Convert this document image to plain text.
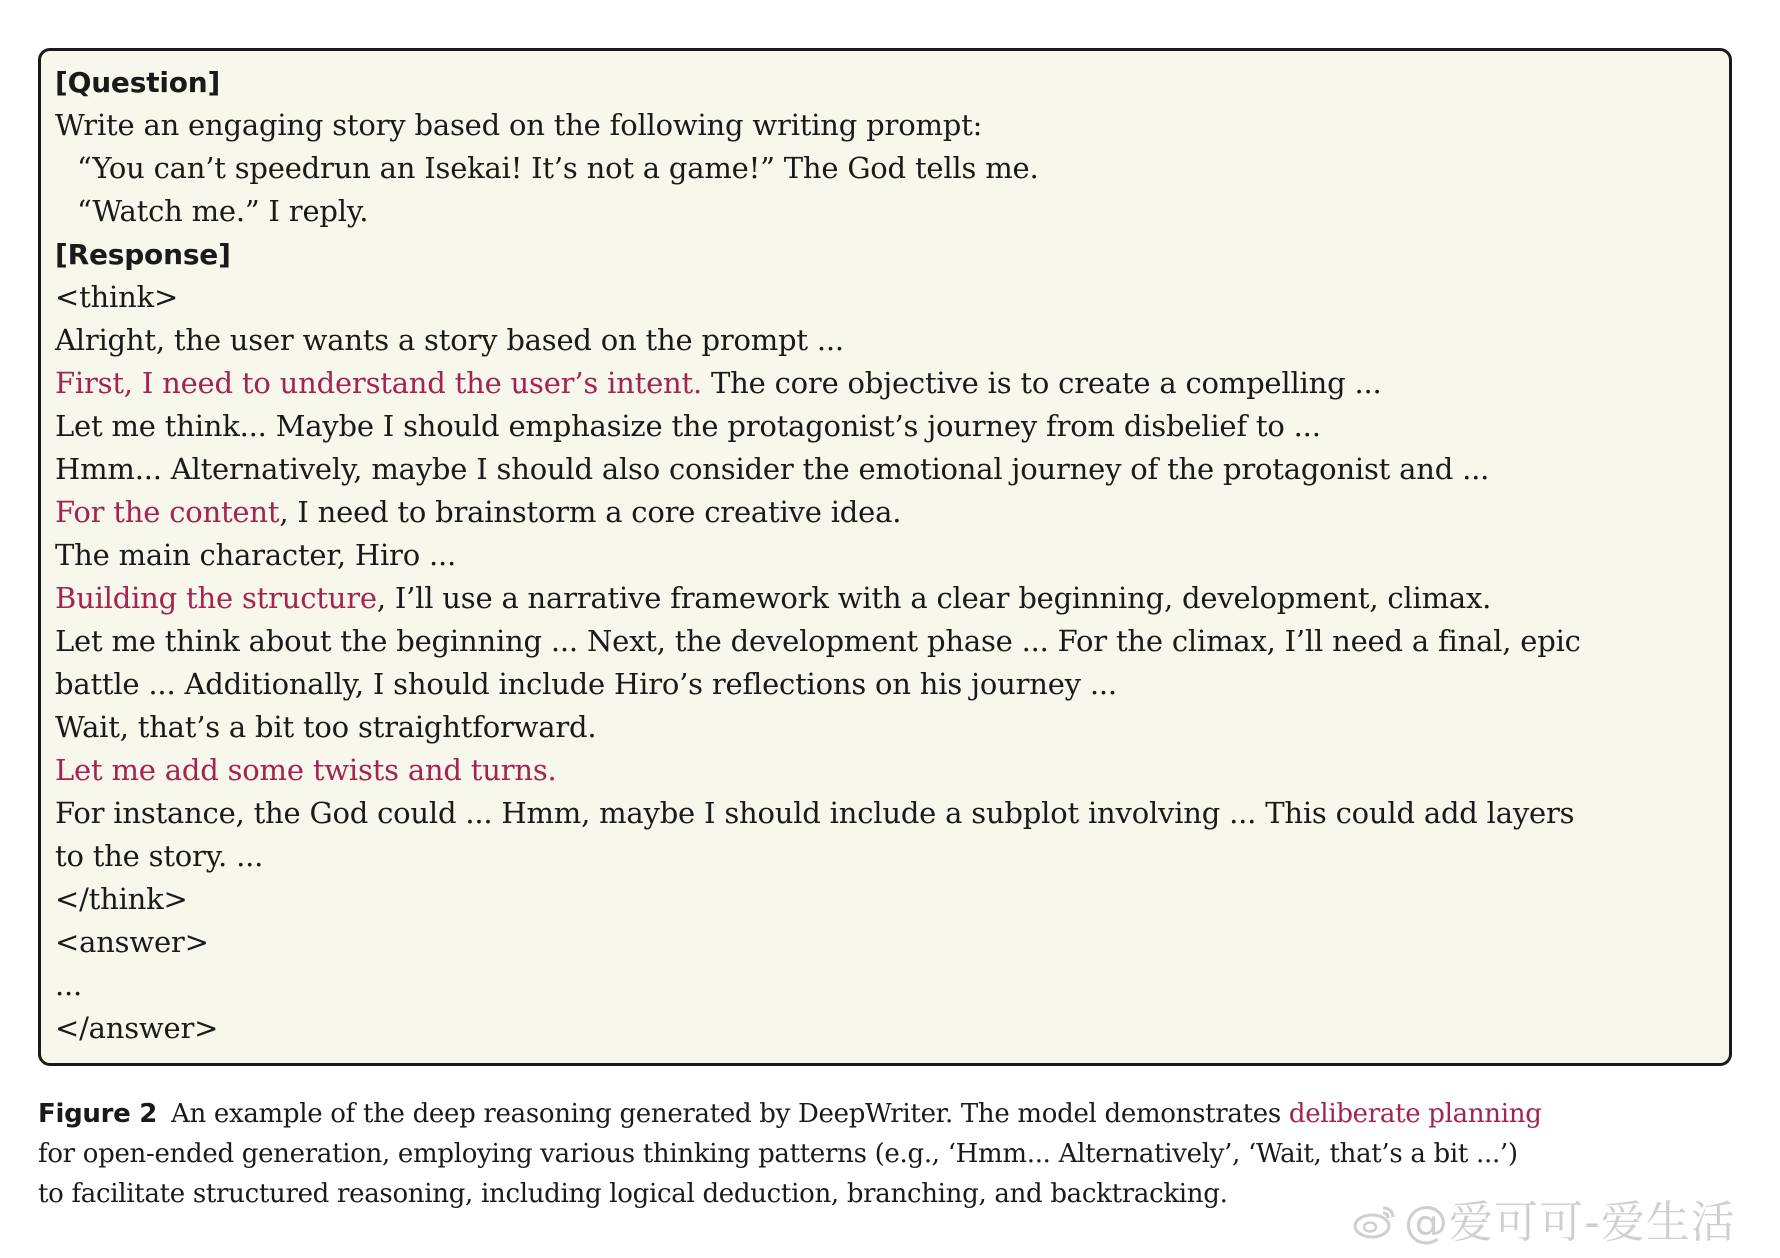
[Question]
Write an engaging story based on the following writing prompt:
“You can’t speedrun an Isekai! It’s not a game!” The God tells me.
“Watch me.” I reply.
[Response]
<think>
Alright, the user wants a story based on the prompt ...
First, I need to understand the user’s intent. The core objective is to create a compelling ...
Let me think... Maybe I should emphasize the protagonist’s journey from disbelief to ...
Hmm... Alternatively, maybe I should also consider the emotional journey of the protagonist and ...
For the content, I need to brainstorm a core creative idea.
The main character, Hiro ...
Building the structure, I’ll use a narrative framework with a clear beginning, development, climax.
Let me think about the beginning ... Next, the development phase ... For the climax, I’ll need a final, epic
battle ... Additionally, I should include Hiro’s reflections on his journey ...
Wait, that’s a bit too straightforward.
Let me add some twists and turns.
For instance, the God could ... Hmm, maybe I should include a subplot involving ... This could add layers
to the story. ...
</think>
<answer>
...
</answer>
Figure 2 An example of the deep reasoning generated by DeepWriter. The model demonstrates deliberate planning
for open-ended generation, employing various thinking patterns (e.g., ‘Hmm... Alternatively’, ‘Wait, that’s a bit ...’)
to facilitate structured reasoning, including logical deduction, branching, and backtracking.
@爱可可-爱生活
